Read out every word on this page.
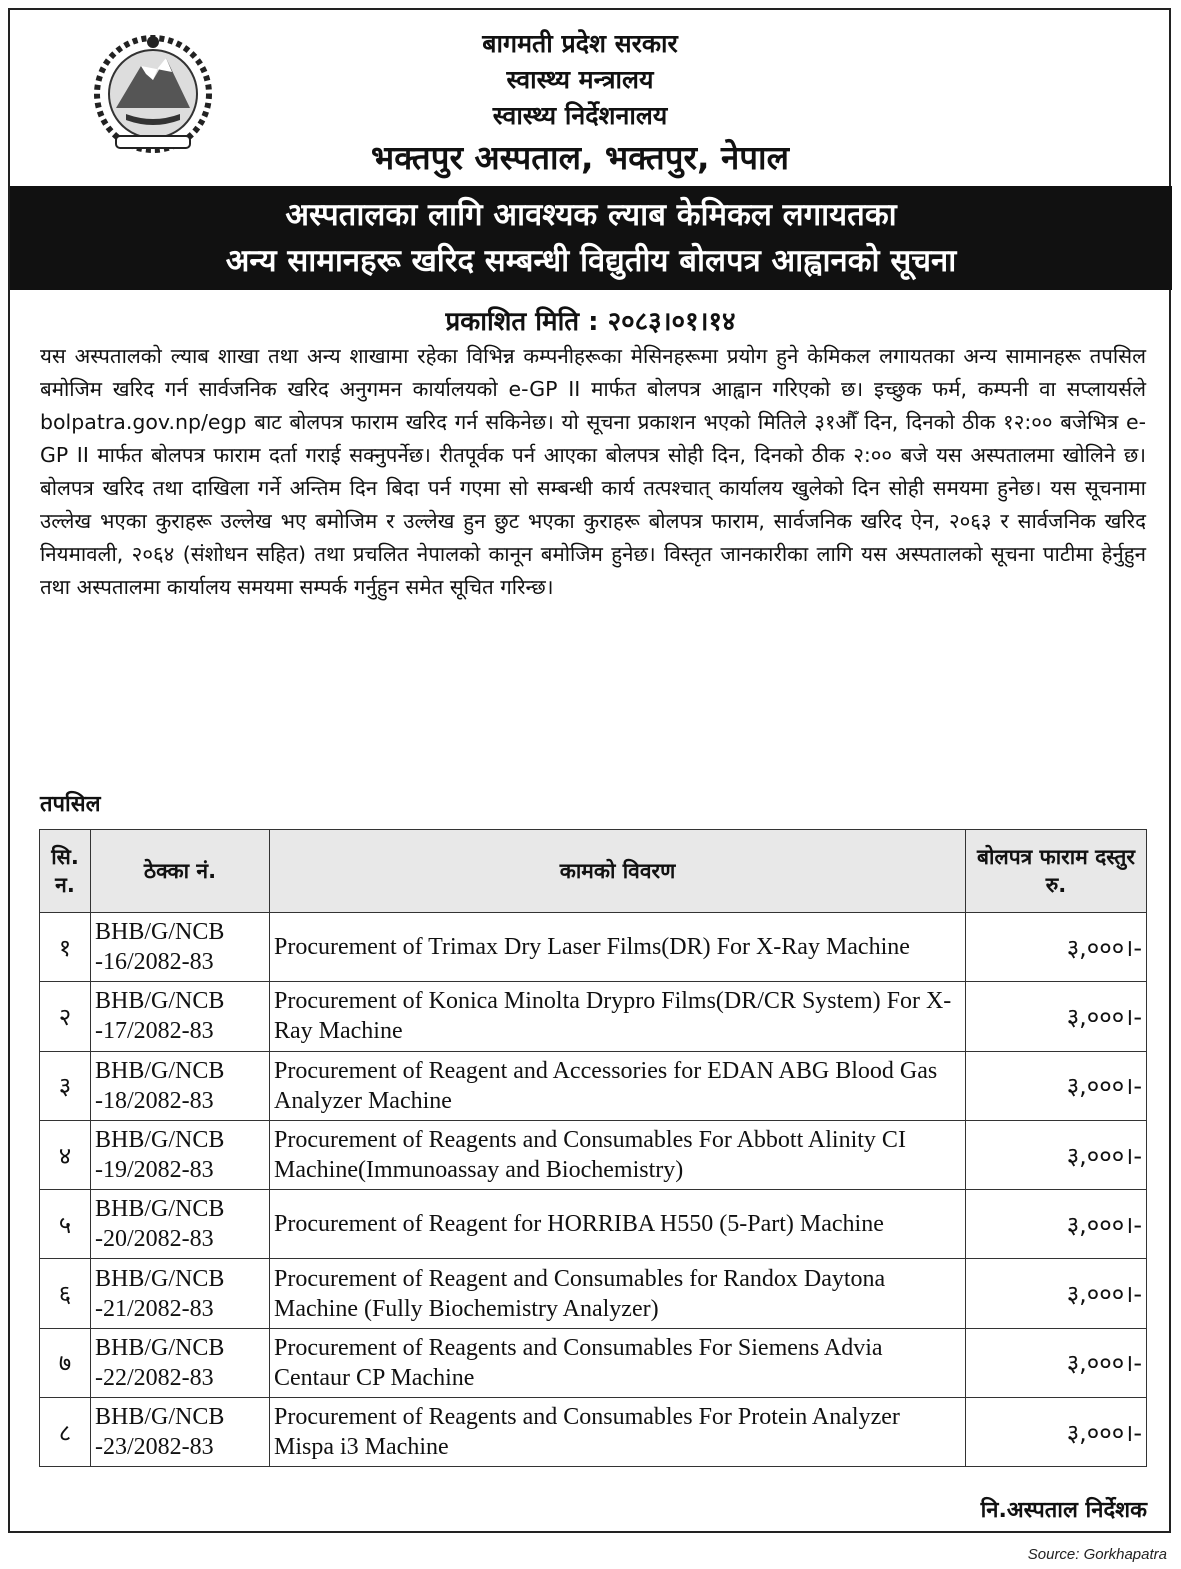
बागमती प्रदेश सरकार
स्वास्थ्य मन्त्रालय
स्वास्थ्य निर्देशनालय
भक्तपुर अस्पताल, भक्तपुर, नेपाल
अस्पतालका लागि आवश्यक ल्याब केमिकल लगायतका
अन्य सामानहरू खरिद सम्बन्धी विद्युतीय बोलपत्र आह्वानको सूचना
प्रकाशित मिति : २०८३।०१।१४
यस अस्पतालको ल्याब शाखा तथा अन्य शाखामा रहेका विभिन्न कम्पनीहरूका मेसिनहरूमा प्रयोग हुने केमिकल लगायतका अन्य सामानहरू तपसिल बमोजिम खरिद गर्न सार्वजनिक खरिद अनुगमन कार्यालयको e-GP II मार्फत बोलपत्र आह्वान गरिएको छ। इच्छुक फर्म, कम्पनी वा सप्लायर्सले bolpatra.gov.np/egp बाट बोलपत्र फाराम खरिद गर्न सकिनेछ। यो सूचना प्रकाशन भएको मितिले ३१औँ दिन, दिनको ठीक १२:०० बजेभित्र e-GP II मार्फत बोलपत्र फाराम दर्ता गराई सक्नुपर्नेछ। रीतपूर्वक पर्न आएका बोलपत्र सोही दिन, दिनको ठीक २:०० बजे यस अस्पतालमा खोलिने छ। बोलपत्र खरिद तथा दाखिला गर्ने अन्तिम दिन बिदा पर्न गएमा सो सम्बन्धी कार्य तत्पश्चात् कार्यालय खुलेको दिन सोही समयमा हुनेछ। यस सूचनामा उल्लेख भएका कुराहरू उल्लेख भए बमोजिम र उल्लेख हुन छुट भएका कुराहरू बोलपत्र फाराम, सार्वजनिक खरिद ऐन, २०६३ र सार्वजनिक खरिद नियमावली, २०६४ (संशोधन सहित) तथा प्रचलित नेपालको कानून बमोजिम हुनेछ। विस्तृत जानकारीका लागि यस अस्पतालको सूचना पाटीमा हेर्नुहुन तथा अस्पतालमा कार्यालय समयमा सम्पर्क गर्नुहुन समेत सूचित गरिन्छ।
तपसिल
सि. न.	ठेक्का नं.	कामको विवरण	बोलपत्र फाराम दस्तुर रु.
१	BHB/G/NCB -16/2082-83	Procurement of Trimax Dry Laser Films(DR) For X-Ray Machine	३,०००।-
२	BHB/G/NCB -17/2082-83	Procurement of Konica Minolta Drypro Films(DR/CR System) For X-Ray Machine	३,०००।-
३	BHB/G/NCB -18/2082-83	Procurement of Reagent and Accessories for EDAN ABG Blood Gas Analyzer Machine	३,०००।-
४	BHB/G/NCB -19/2082-83	Procurement of Reagents and Consumables For Abbott Alinity CI Machine(Immunoassay and Biochemistry)	३,०००।-
५	BHB/G/NCB -20/2082-83	Procurement of Reagent for HORRIBA H550 (5-Part) Machine	३,०००।-
६	BHB/G/NCB -21/2082-83	Procurement of Reagent and Consumables for Randox Daytona Machine (Fully Biochemistry Analyzer)	३,०००।-
७	BHB/G/NCB -22/2082-83	Procurement of Reagents and Consumables For Siemens Advia Centaur CP Machine	३,०००।-
८	BHB/G/NCB -23/2082-83	Procurement of Reagents and Consumables For Protein Analyzer Mispa i3 Machine	३,०००।-
नि.अस्पताल निर्देशक
Source: Gorkhapatra
